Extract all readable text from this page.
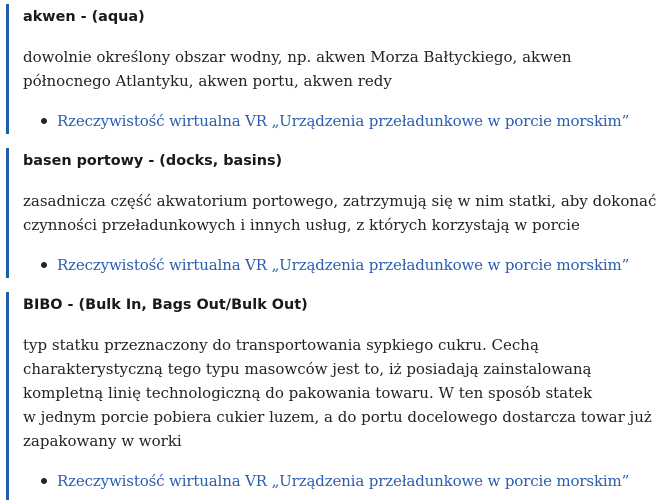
akwen - (aqua)

dowolnie określony obszar wodny, np. akwen Morza Bałtyckiego, akwen
północnego Atlantyku, akwen portu, akwen redy

Rzeczywistość wirtualna VR „Urządzenia przeładunkowe w porcie morskim”
basen portowy - (docks, basins)

zasadnicza część akwatorium portowego, zatrzymują się w nim statki, aby dokonać
czynności przeładunkowych i innych usług, z których korzystają w porcie

Rzeczywistość wirtualna VR „Urządzenia przeładunkowe w porcie morskim”
BIBO - (Bulk In, Bags Out/Bulk Out)

typ statku przeznaczony do transportowania sypkiego cukru. Cechą
charakterystyczną tego typu masowców jest to, iż posiadają zainstalowaną
kompletną linię technologiczną do pakowania towaru. W ten sposób statek
w jednym porcie pobiera cukier luzem, a do portu docelowego dostarcza towar już
zapakowany w worki

Rzeczywistość wirtualna VR „Urządzenia przeładunkowe w porcie morskim”
